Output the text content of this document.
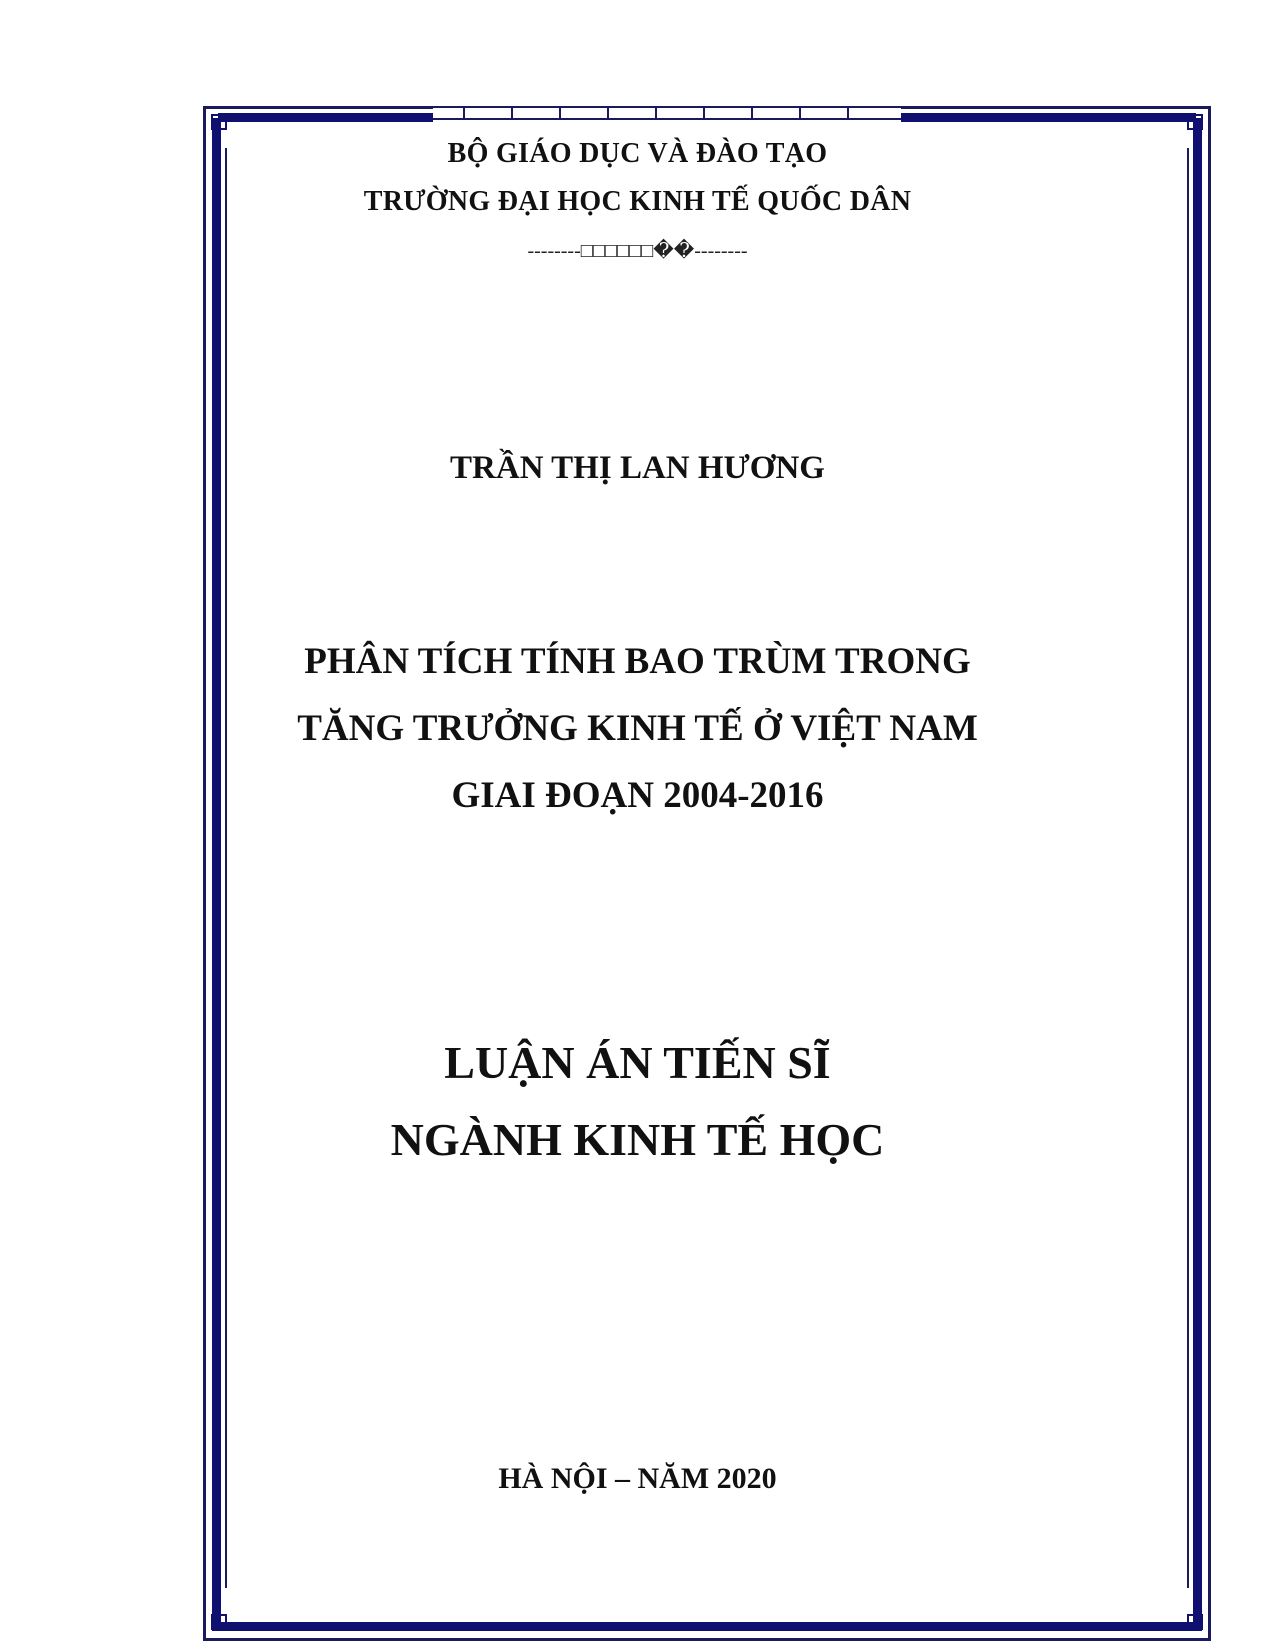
BỘ GIÁO DỤC VÀ ĐÀO TẠO
TRƯỜNG ĐẠI HỌC KINH TẾ QUỐC DÂN
--------□□□□□□��--------
TRẦN THỊ LAN HƯƠNG
PHÂN TÍCH TÍNH BAO TRÙM TRONG
TĂNG TRƯỞNG KINH TẾ Ở VIỆT NAM
GIAI ĐOẠN 2004-2016
LUẬN ÁN TIẾN SĨ
NGÀNH KINH TẾ HỌC
HÀ NỘI – NĂM 2020
